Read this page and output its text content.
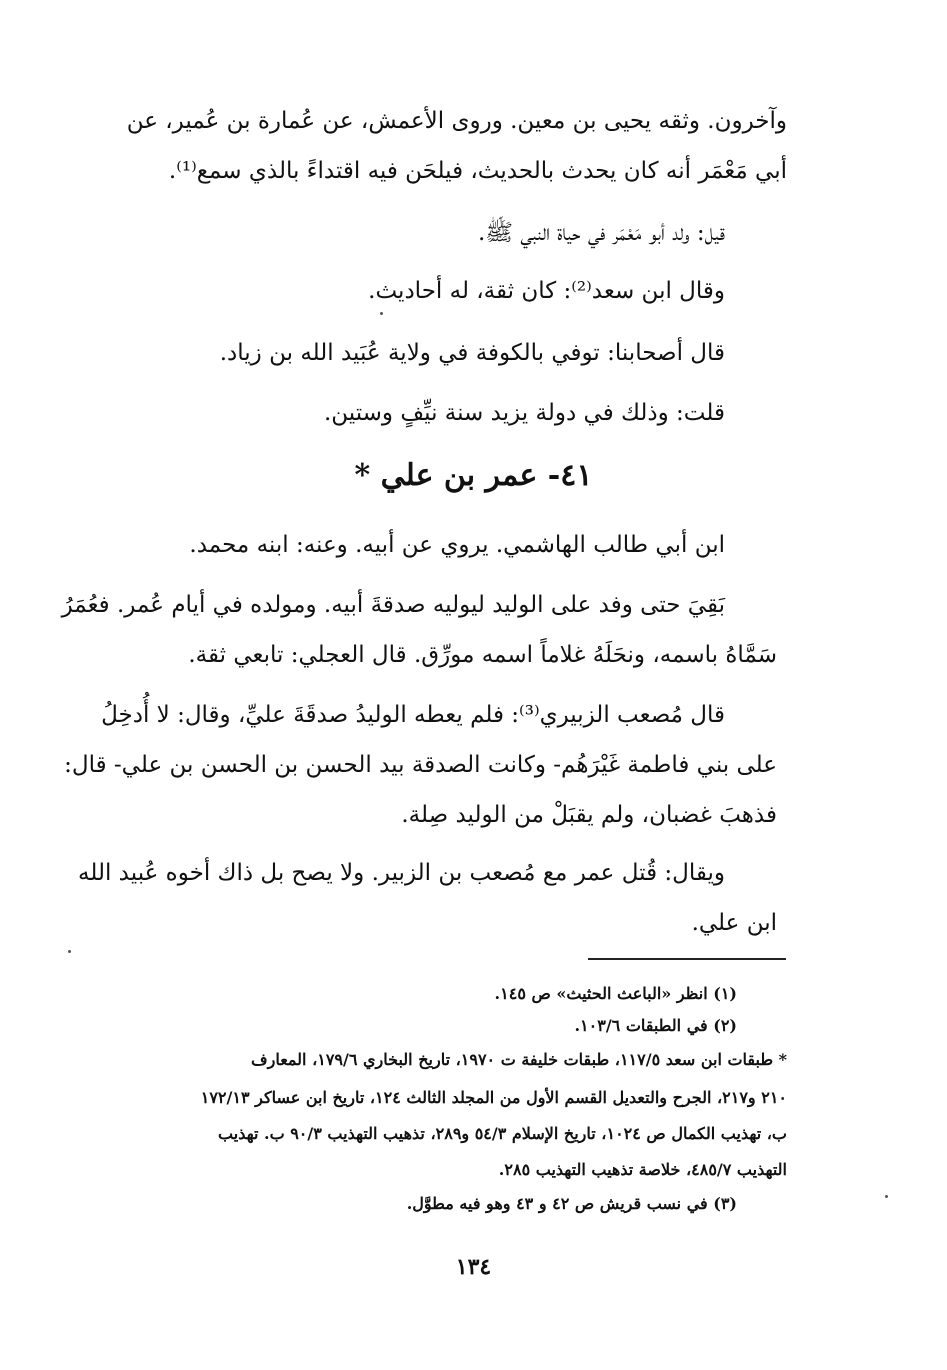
وآخرون. وثقه يحيى بن معين. وروى الأعمش، عن عُمارة بن عُمير، عن
أبي مَعْمَر أنه كان يحدث بالحديث، فيلحَن فيه اقتداءً بالذي سمع⁽¹⁾.
قيل: ولد أبو مَعْمَر في حياة النبي ﷺ.
وقال ابن سعد⁽²⁾: كان ثقة، له أحاديث.
قال أصحابنا: توفي بالكوفة في ولاية عُبَيد الله بن زياد.
قلت: وذلك في دولة يزيد سنة نيِّفٍ وستين.
٤١- عمر بن علي *
ابن أبي طالب الهاشمي. يروي عن أبيه. وعنه: ابنه محمد.
بَقِيَ حتى وفد على الوليد ليوليه صدقةَ أبيه. ومولده في أيام عُمر. فعُمَرُ
سَمَّاهُ باسمه، ونحَلَهُ غلاماً اسمه مورِّق. قال العجلي: تابعي ثقة.
قال مُصعب الزبيري⁽³⁾: فلم يعطه الوليدُ صدقَةَ عليِّ، وقال: لا أُدخِلُ
على بني فاطمة غَيْرَهُم- وكانت الصدقة بيد الحسن بن الحسن بن علي- قال:
فذهبَ غضبان، ولم يقبَلْ من الوليد صِلة.
ويقال: قُتل عمر مع مُصعب بن الزبير. ولا يصح بل ذاك أخوه عُبيد الله
ابن علي.
(١) انظر «الباعث الحثيث» ص ١٤٥.
(٢) في الطبقات ١٠٣/٦.
* طبقات ابن سعد ١١٧/٥، طبقات خليفة ت ١٩٧٠، تاريخ البخاري ١٧٩/٦، المعارف
٢١٠ و٢١٧، الجرح والتعديل القسم الأول من المجلد الثالث ١٢٤، تاريخ ابن عساكر ١٧٢/١٣
ب، تهذيب الكمال ص ١٠٢٤، تاريخ الإسلام ٥٤/٣ و٢٨٩، تذهيب التهذيب ٩٠/٣ ب. تهذيب
التهذيب ٤٨٥/٧، خلاصة تذهيب التهذيب ٢٨٥.
(٣) في نسب قريش ص ٤٢ و ٤٣ وهو فيه مطوَّل.
١٣٤
